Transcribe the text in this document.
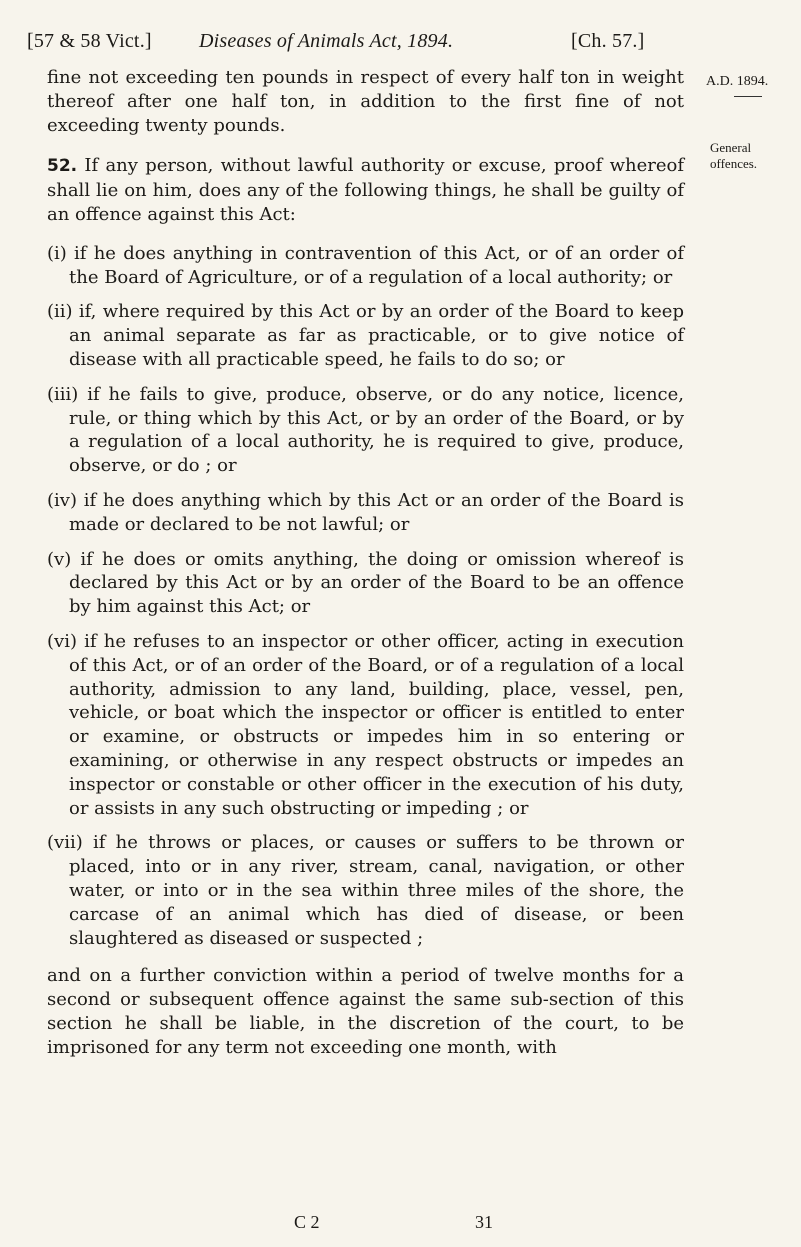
[57 & 58 Vict.] Diseases of Animals Act, 1894.	[Ch. 57.]
A.D. 1894.
General offences.

fine not exceeding ten pounds in respect of every half ton in weight thereof after one half ton, in addition to the first fine of not exceeding twenty pounds.

52. If any person, without lawful authority or excuse, proof whereof shall lie on him, does any of the following things, he shall be guilty of an offence against this Act:

(i) if he does anything in contravention of this Act, or of an order of the Board of Agriculture, or of a regulation of a local authority; or

(ii) if, where required by this Act or by an order of the Board to keep an animal separate as far as practicable, or to give notice of disease with all practicable speed, he fails to do so; or

(iii) if he fails to give, produce, observe, or do any notice, licence, rule, or thing which by this Act, or by an order of the Board, or by a regulation of a local authority, he is required to give, produce, observe, or do ; or

(iv) if he does anything which by this Act or an order of the Board is made or declared to be not lawful; or

(v) if he does or omits anything, the doing or omission whereof is declared by this Act or by an order of the Board to be an offence by him against this Act; or

(vi) if he refuses to an inspector or other officer, acting in execution of this Act, or of an order of the Board, or of a regulation of a local authority, admission to any land, building, place, vessel, pen, vehicle, or boat which the inspector or officer is entitled to enter or examine, or obstructs or impedes him in so entering or examining, or otherwise in any respect obstructs or impedes an inspector or constable or other officer in the execution of his duty, or assists in any such obstructing or impeding ; or

(vii) if he throws or places, or causes or suffers to be thrown or placed, into or in any river, stream, canal, navigation, or other water, or into or in the sea within three miles of the shore, the carcase of an animal which has died of disease, or been slaughtered as diseased or suspected ;

and on a further conviction within a period of twelve months for a second or subsequent offence against the same sub-section of this section he shall be liable, in the discretion of the court, to be imprisoned for any term not exceeding one month, with

C 2	31
